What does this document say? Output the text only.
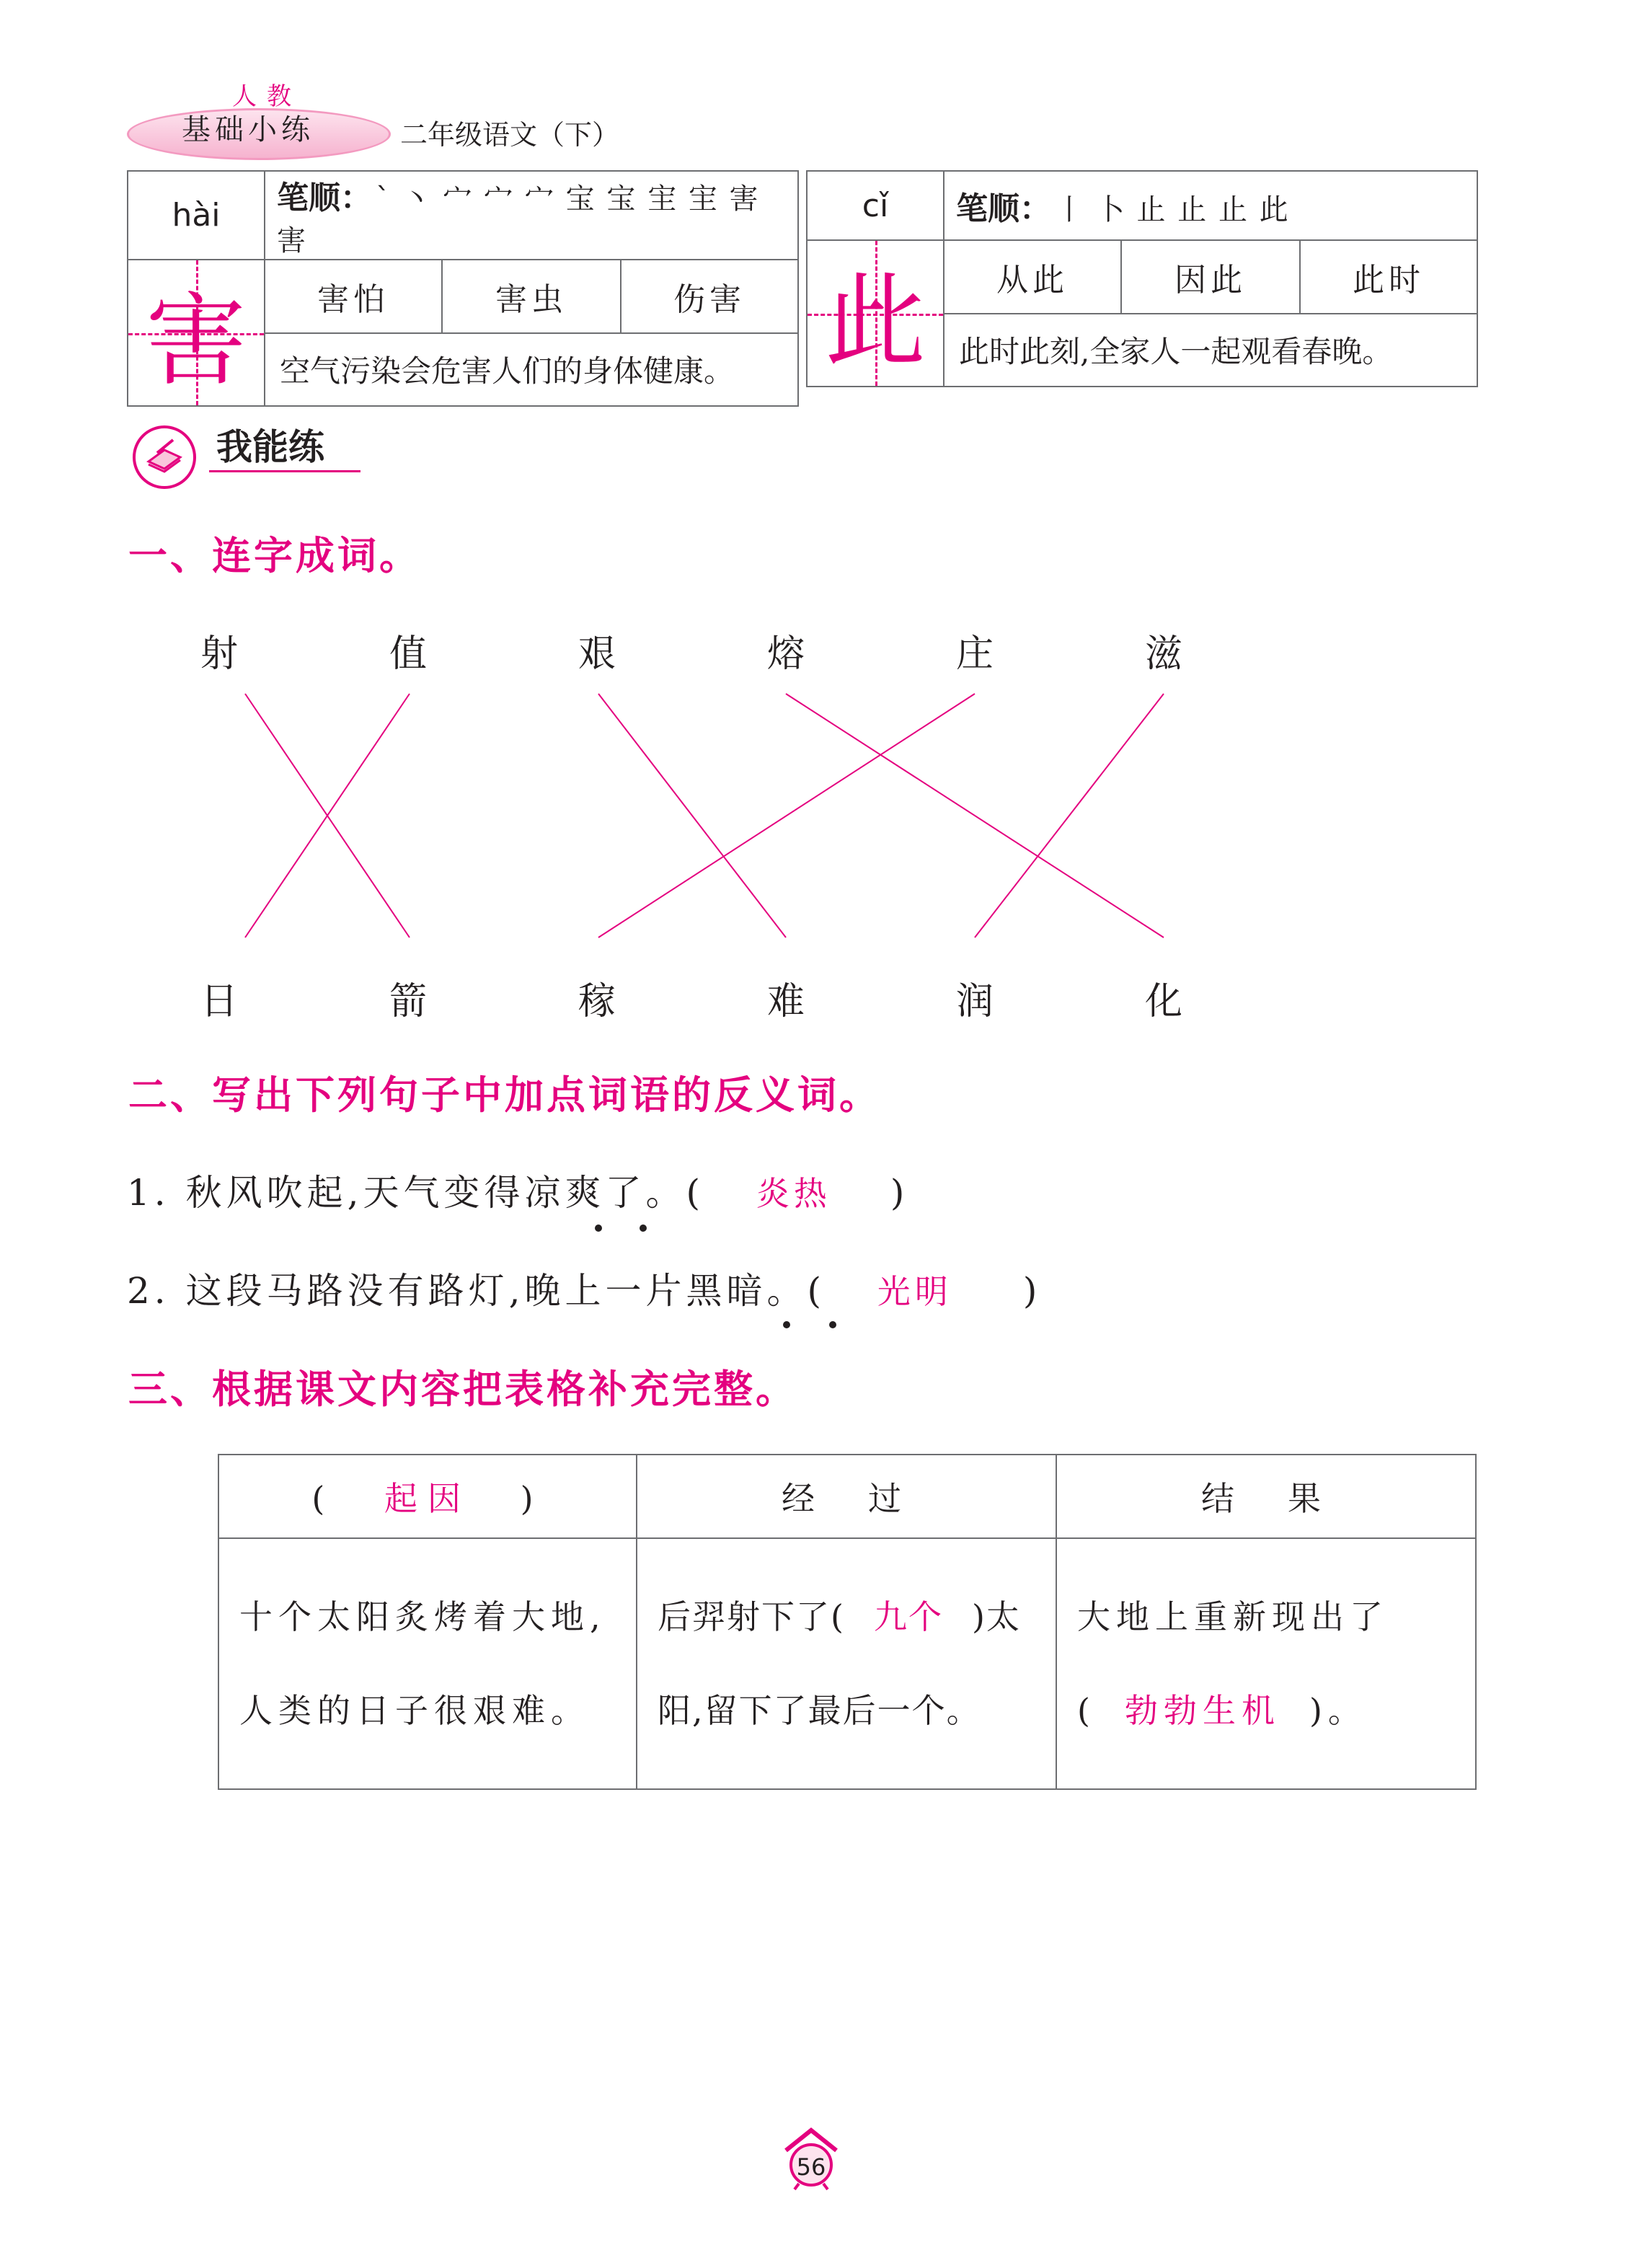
人教
基础小练	二年级语文（下）
hài	笔顺： ` 丶 宀 宀 宀 宝 宝 宔 宔 害 害		

害	害怕	害虫	伤害
	空气污染会危害人们的身体健康。		
cǐ	笔顺： 丨 卜 止 止 止 此		

此	从此	因此	此时
	此时此刻,全家人一起观看春晚。		
我能练
一、连字成词。
射	值	艰	熔	庄	滋
日	箭	稼	难	润	化
二、写出下列句子中加点词语的反义词。
1. 秋风吹起,天气变得凉爽了。( 炎热 )
2. 这段马路没有路灯,晚上一片黑暗。( 光明 )
三、根据课文内容把表格补充完整。
( 起因 )	经　过	结　果
十个太阳炙烤着大地,人类的日子很艰难。	后羿射下了( 九个 )太阳,留下了最后一个。	大地上重新现出了( 勃勃生机 )。
56
